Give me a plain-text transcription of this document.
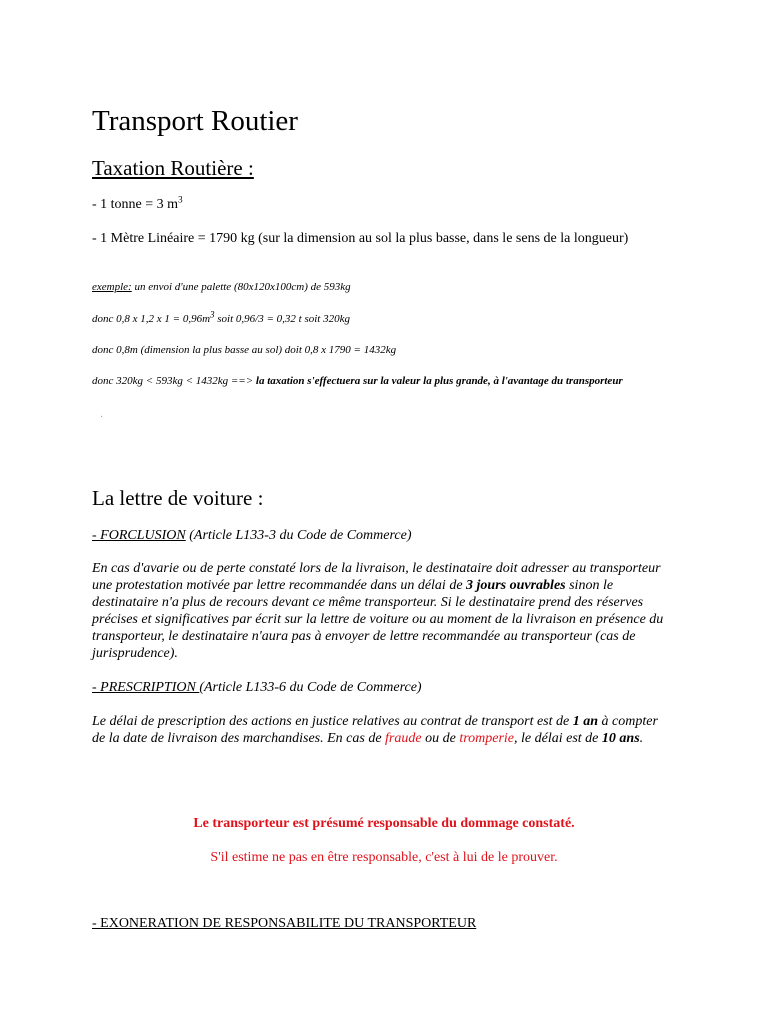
Transport Routier
Taxation Routière :

- 1 tonne = 3 $m^3$

- 1 Mètre Linéaire = 1790 kg (sur la dimension au sol la plus basse, dans le sens de la longueur)

exemple: un envoi d'une palette (80x120x100cm) de 593kg

donc 0,8 x 1,2 x $1 = 0,96m^3$ soit 0,96/3 = 0,32 t soit 320kg

donc 0,8m (dimension la plus basse au sol) doit 0,8 x 1790 = 1432kg

donc 320kg < 593kg < 1432kg ==> la taxation s'effectuera sur la valeur la plus grande, à l'avantage du transporteur

·
La lettre de voiture :

- FORCLUSION (Article L133-3 du Code de Commerce)

En cas d'avarie ou de perte constaté lors de la livraison, le destinataire doit adresser au transporteur une protestation motivée par lettre recommandée dans un délai de 3 jours ouvrables sinon le destinataire n'a plus de recours devant ce même transporteur. Si le destinataire prend des réserves précises et significatives par écrit sur la lettre de voiture ou au moment de la livraison en présence du transporteur, le destinataire n'aura pas à envoyer de lettre recommandée au transporteur (cas de jurisprudence).

- PRESCRIPTION (Article L133-6 du Code de Commerce)

Le délai de prescription des actions en justice relatives au contrat de transport est de 1 an à compter de la date de livraison des marchandises. En cas de fraude ou de tromperie, le délai est de 10 ans.

Le transporteur est présumé responsable du dommage constaté.

S'il estime ne pas en être responsable, c'est à lui de le prouver.

- EXONERATION DE RESPONSABILITE DU TRANSPORTEUR
